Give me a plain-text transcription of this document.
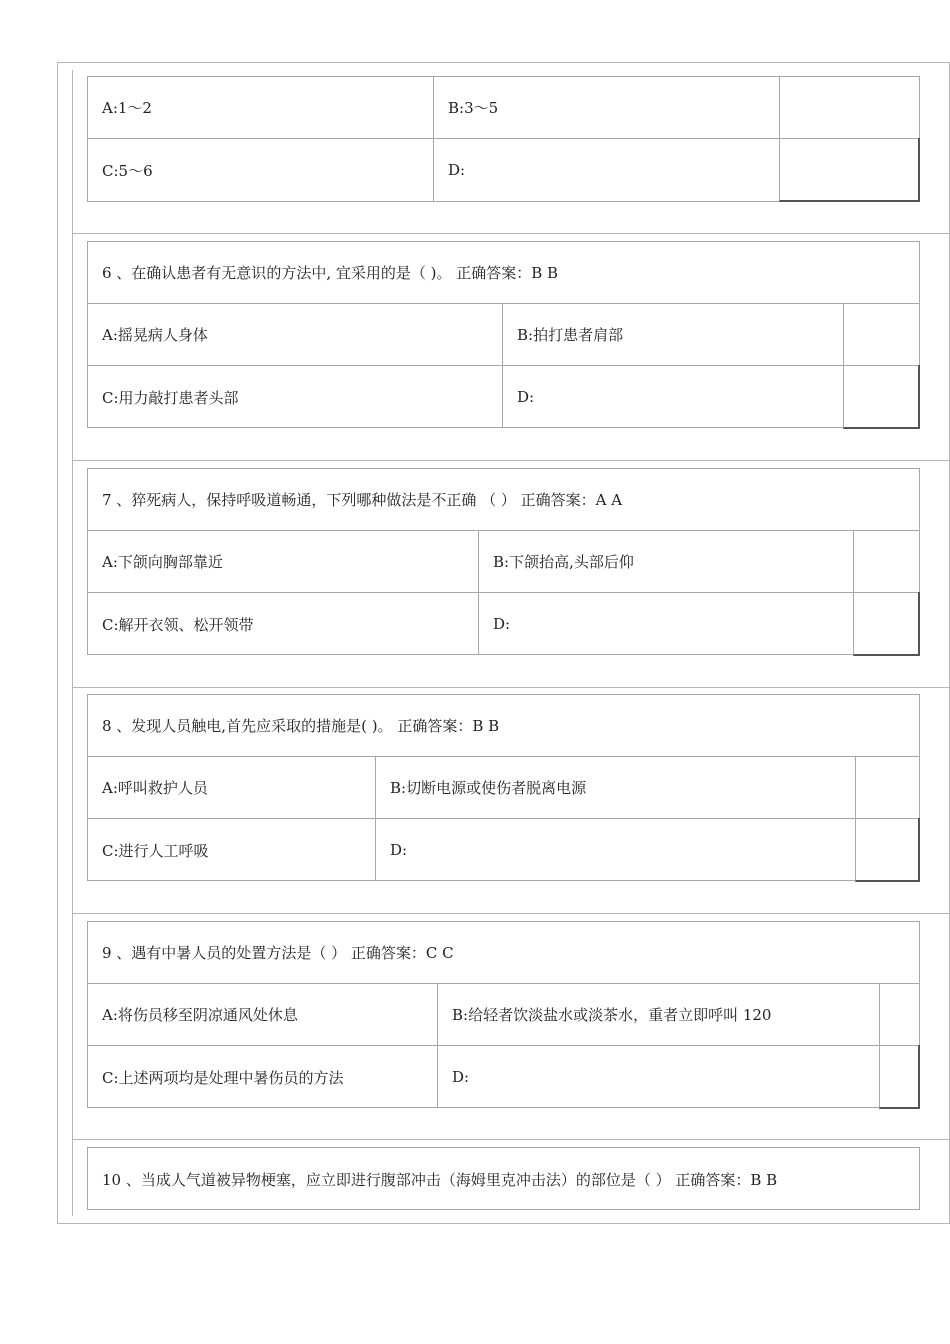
A:1～2	B:3～5
C:5～6	D:
6 、在确认患者有无意识的方法中, 宜采用的是（ )。 正确答案：B B
A:摇晃病人身体	B:拍打患者肩部
C:用力敲打患者头部	D:
7 、猝死病人，保持呼吸道畅通，下列哪种做法是不正确 （ ） 正确答案：A A
A:下颌向胸部靠近	B:下颌抬高,头部后仰
C:解开衣领、松开领带	D:
8 、发现人员触电,首先应采取的措施是( )。 正确答案：B B
A:呼叫救护人员	B:切断电源或使伤者脱离电源
C:进行人工呼吸	D:
9 、遇有中暑人员的处置方法是（ ） 正确答案：C C
A:将伤员移至阴凉通风处休息	B:给轻者饮淡盐水或淡茶水，重者立即呼叫 120
C:上述两项均是处理中暑伤员的方法	D:
10 、当成人气道被异物梗塞，应立即进行腹部冲击（海姆里克冲击法）的部位是（ ） 正确答案：B B
